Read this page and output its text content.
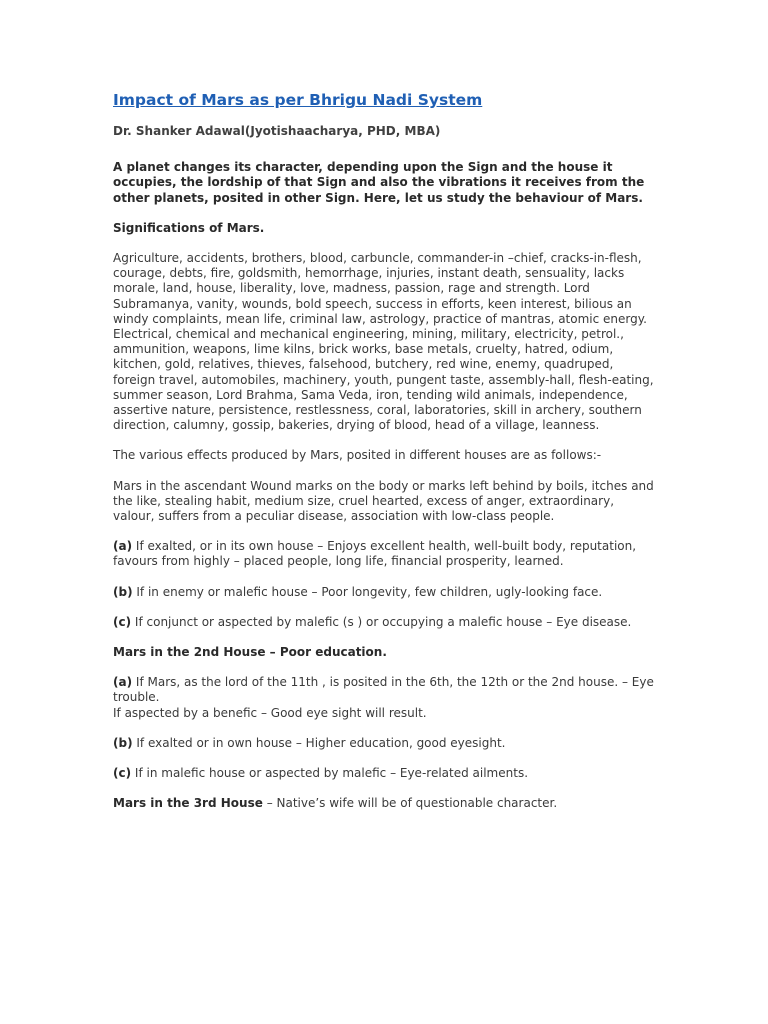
Impact of Mars as per Bhrigu Nadi System
Dr. Shanker Adawal(Jyotishaacharya, PHD, MBA)

A planet changes its character, depending upon the Sign and the house it occupies, the lordship of that Sign and also the vibrations it receives from the other planets, posited in other Sign. Here, let us study the behaviour of Mars.

Significations of Mars.

Agriculture, accidents, brothers, blood, carbuncle, commander-in –chief, cracks-in-flesh, courage, debts, fire, goldsmith, hemorrhage, injuries, instant death, sensuality, lacks morale, land, house, liberality, love, madness, passion, rage and strength. Lord Subramanya, vanity, wounds, bold speech, success in efforts, keen interest, bilious an windy complaints, mean life, criminal law, astrology, practice of mantras, atomic energy. Electrical, chemical and mechanical engineering, mining, military, electricity, petrol., ammunition, weapons, lime kilns, brick works, base metals, cruelty, hatred, odium, kitchen, gold, relatives, thieves, falsehood, butchery, red wine, enemy, quadruped, foreign travel, automobiles, machinery, youth, pungent taste, assembly-hall, flesh-eating, summer season, Lord Brahma, Sama Veda, iron, tending wild animals, independence, assertive nature, persistence, restlessness, coral, laboratories, skill in archery, southern direction, calumny, gossip, bakeries, drying of blood, head of a village, leanness.

The various effects produced by Mars, posited in different houses are as follows:-

Mars in the ascendant Wound marks on the body or marks left behind by boils, itches and the like, stealing habit, medium size, cruel hearted, excess of anger, extraordinary, valour, suffers from a peculiar disease, association with low-class people.

(a) If exalted, or in its own house – Enjoys excellent health, well-built body, reputation, favours from highly – placed people, long life, financial prosperity, learned.

(b) If in enemy or malefic house – Poor longevity, few children, ugly-looking face.

(c) If conjunct or aspected by malefic (s ) or occupying a malefic house – Eye disease.

Mars in the 2nd House – Poor education.

(a) If Mars, as the lord of the 11th , is posited in the 6th, the 12th or the 2nd house. – Eye trouble.
If aspected by a benefic – Good eye sight will result.

(b) If exalted or in own house – Higher education, good eyesight.

(c) If in malefic house or aspected by malefic – Eye-related ailments.

Mars in the 3rd House – Native’s wife will be of questionable character.
